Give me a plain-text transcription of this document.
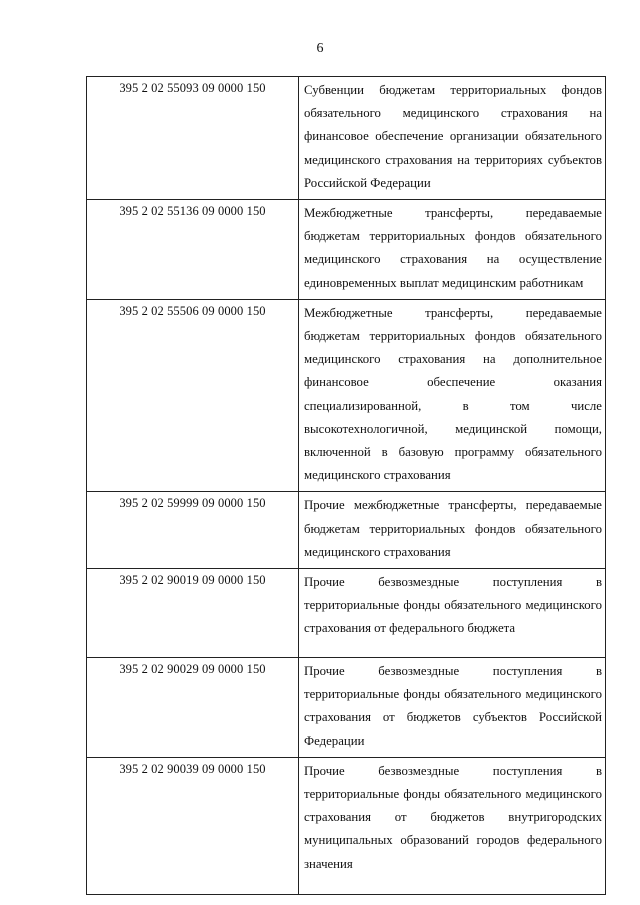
6
395 2 02 55093 09 0000 150	Субвенции бюджетам территориальных фондов обязательного медицинского страхования на финансовое обеспечение организации обязательного медицинского страхования на территориях субъектов Российской Федерации

395 2 02 55136 09 0000 150	Межбюджетные трансферты, передаваемые бюджетам территориальных фондов обязательного медицинского страхования на осуществление единовременных выплат медицинским работникам

395 2 02 55506 09 0000 150	Межбюджетные трансферты, передаваемые бюджетам территориальных фондов обязательного медицинского страхования на дополнительное финансовое обеспечение оказания специализированной, в том числе высокотехнологичной, медицинской помощи, включенной в базовую программу обязательного медицинского страхования

395 2 02 59999 09 0000 150	Прочие межбюджетные трансферты, передаваемые бюджетам территориальных фондов обязательного медицинского страхования

395 2 02 90019 09 0000 150	Прочие безвозмездные поступления в территориальные фонды обязательного медицинского страхования от федерального бюджета

395 2 02 90029 09 0000 150	Прочие безвозмездные поступления в территориальные фонды обязательного медицинского страхования от бюджетов субъектов Российской Федерации

395 2 02 90039 09 0000 150	Прочие безвозмездные поступления в территориальные фонды обязательного медицинского страхования от бюджетов внутригородских муниципальных образований городов федерального значения
